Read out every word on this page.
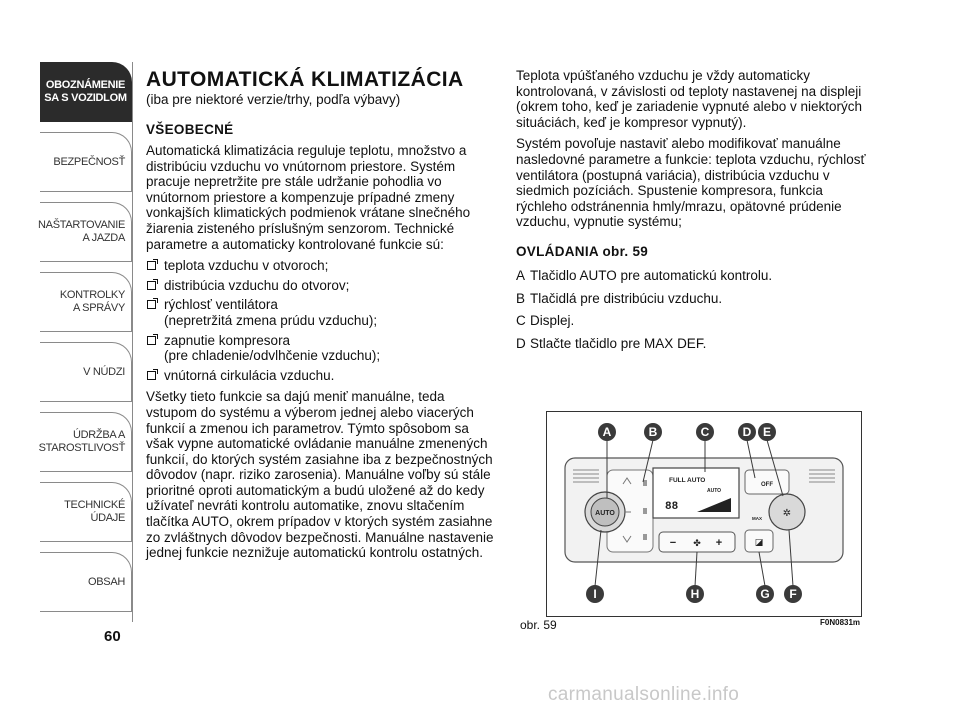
OBOZNÁMENIE
SA S VOZIDLOM
BEZPEČNOSŤ
NAŠTARTOVANIE
A JAZDA
KONTROLKY
A SPRÁVY
V NÚDZI
ÚDRŽBA A
STAROSTLIVOSŤ
TECHNICKÉ
ÚDAJE
OBSAH
60
AUTOMATICKÁ KLIMATIZÁCIA

(iba pre niektoré verzie/trhy, podľa výbavy)

VŠEOBECNÉ

Automatická klimatizácia reguluje teplotu, množstvo a distribúciu vzduchu vo vnútornom priestore. Systém pracuje nepretržite pre stále udržanie pohodlia vo vnútornom priestore a kompenzuje prípadné zmeny vonkajších klimatických podmienok vrátane slnečného žiarenia zisteného príslušným senzorom. Technické parametre a automaticky kontrolované funkcie sú:

teplota vzduchu v otvoroch;
distribúcia vzduchu do otvorov;
rýchlosť ventilátora
(nepretržitá zmena prúdu vzduchu);
zapnutie kompresora
(pre chladenie/odvlhčenie vzduchu);
vnútorná cirkulácia vzduchu.

Všetky tieto funkcie sa dajú meniť manuálne, teda vstupom do systému a výberom jednej alebo viacerých funkcií a zmenou ich parametrov. Týmto spôsobom sa však vypne automatické ovládanie manuálne zmenených funkcií, do ktorých systém zasiahne iba z bezpečnostných dôvodov (napr. riziko zarosenia). Manuálne voľby sú stále prioritné oproti automatickým a budú uložené až do kedy užívateľ nevráti kontrolu automatike, znovu sltačením tlačítka AUTO, okrem prípadov v ktorých systém zasiahne zo zvláštnych dôvodov bezpečnosti. Manuálne nastavenie jednej funkcie neznižuje automatickú kontrolu ostatných.

Teplota vpúšťaného vzduchu je vždy automaticky kontrolovaná, v závislosti od teploty nastavenej na displeji (okrem toho, keď je zariadenie vypnuté alebo v niektorých situáciách, keď je kompresor vypnutý).

Systém povoľuje nastaviť alebo modifikovať manuálne nasledovné parametre a funkcie: teplota vzduchu, rýchlosť ventilátora (postupná variácia), distribúcia vzduchu v siedmich pozíciách. Spustenie kompresora, funkcia rýchleho odstránennia hmly/mrazu, opätovné prúdenie vzduchu, vypnutie systému;

OVLÁDANIA obr. 59

A Tlačidlo AUTO pre automatickú kontrolu.
B Tlačidlá pre distribúciu vzduchu.
C Displej.
D Stlačte tlačidlo pre MAX DEF.
AUTO
FULL AUTO
AUTO
88
− ✤ +
OFF
✲
MAX
◪
A	B	C	D E
I	H	G F
obr. 59	F0N0831m
carmanualsonline.info
